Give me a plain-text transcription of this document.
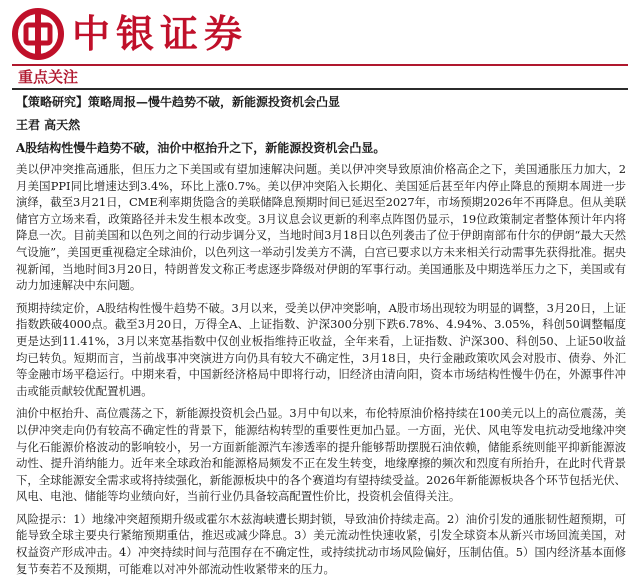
中银证券
重点关注

【策略研究】策略周报—慢牛趋势不破，新能源投资机会凸显

王君 高天然

A股结构性慢牛趋势不破，油价中枢抬升之下，新能源投资机会凸显。

美以伊冲突推高通胀，但压力之下美国或有望加速解决问题。美以伊冲突导致原油价格高企之下，美国通胀压力加大，2月美国PPI同比增速达到3.4%，环比上涨0.7%。美以伊冲突陷入长期化、美国延后甚至年内停止降息的预期本周进一步演绎，截至3月21日，CME利率期货隐含的美联储降息预期时间已延迟至2027年，市场预期2026年不再降息。但从美联储官方立场来看，政策路径并未发生根本改变。3月议息会议更新的利率点阵图仍显示，19位政策制定者整体预计年内将降息一次。目前美国和以色列之间的行动步调分叉，当地时间3月18日以色列袭击了位于伊朗南部布什尔的伊朗“最大天然气设施”，美国更重视稳定全球油价，以色列这一举动引发美方不满，白宫已要求以方未来相关行动需事先获得批准。据央视新闻，当地时间3月20日，特朗普发文称正考虑逐步降级对伊朗的军事行动。美国通胀及中期选举压力之下，美国或有动力加速解决中东问题。

预期持续定价，A股结构性慢牛趋势不破。3月以来，受美以伊冲突影响，A股市场出现较为明显的调整，3月20日，上证指数跌破4000点。截至3月20日，万得全A、上证指数、沪深300分别下跌6.78%、4.94%、3.05%，科创50调整幅度更是达到11.41%，3月以来宽基指数中仅创业板指维持正收益，全年来看，上证指数、沪深300、科创50、上证50收益均已转负。短期而言，当前战事冲突演进方向仍具有较大不确定性，3月18日，央行金融政策吹风会对股市、债券、外汇等金融市场平稳运行。中期来看，中国新经济格局中即将行动，旧经济由清向阳，资本市场结构性慢牛仍在，外源事件冲击或能贡献较优配置机遇。

油价中枢抬升、高位震荡之下，新能源投资机会凸显。3月中旬以来，布伦特原油价格持续在100美元以上的高位震荡，美以伊冲突走向仍有较高不确定性的背景下，能源结构转型的重要性更加凸显。一方面，光伏、风电等发电抗动受地缘冲突与化石能源价格波动的影响较小，另一方面新能源汽车渗透率的提升能够帮助摆脱石油依赖，储能系统则能平抑新能源波动性、提升消纳能力。近年来全球政治和能源格局频发不正在发生转变，地缘摩擦的频次和烈度有所抬升，在此时代背景下，全球能源安全需求或将持续强化，新能源板块中的各个赛道均有望持续受益。2026年新能源板块各个环节包括光伏、风电、电池、储能等均业绩向好，当前行业仍具备较高配置性价比，投资机会值得关注。

风险提示：1）地缘冲突超预期升级或霍尔木兹海峡遭长期封锁，导致油价持续走高。2）油价引发的通胀韧性超预期，可能导致全球主要央行紧缩预期重估，推迟或减少降息。3）美元流动性快速收紧，引发全球资本从新兴市场回流美国，对权益资产形成冲击。4）冲突持续时间与范围存在不确定性，或持续扰动市场风险偏好，压制估值。5）国内经济基本面修复节奏若不及预期，可能难以对冲外部流动性收紧带来的压力。
